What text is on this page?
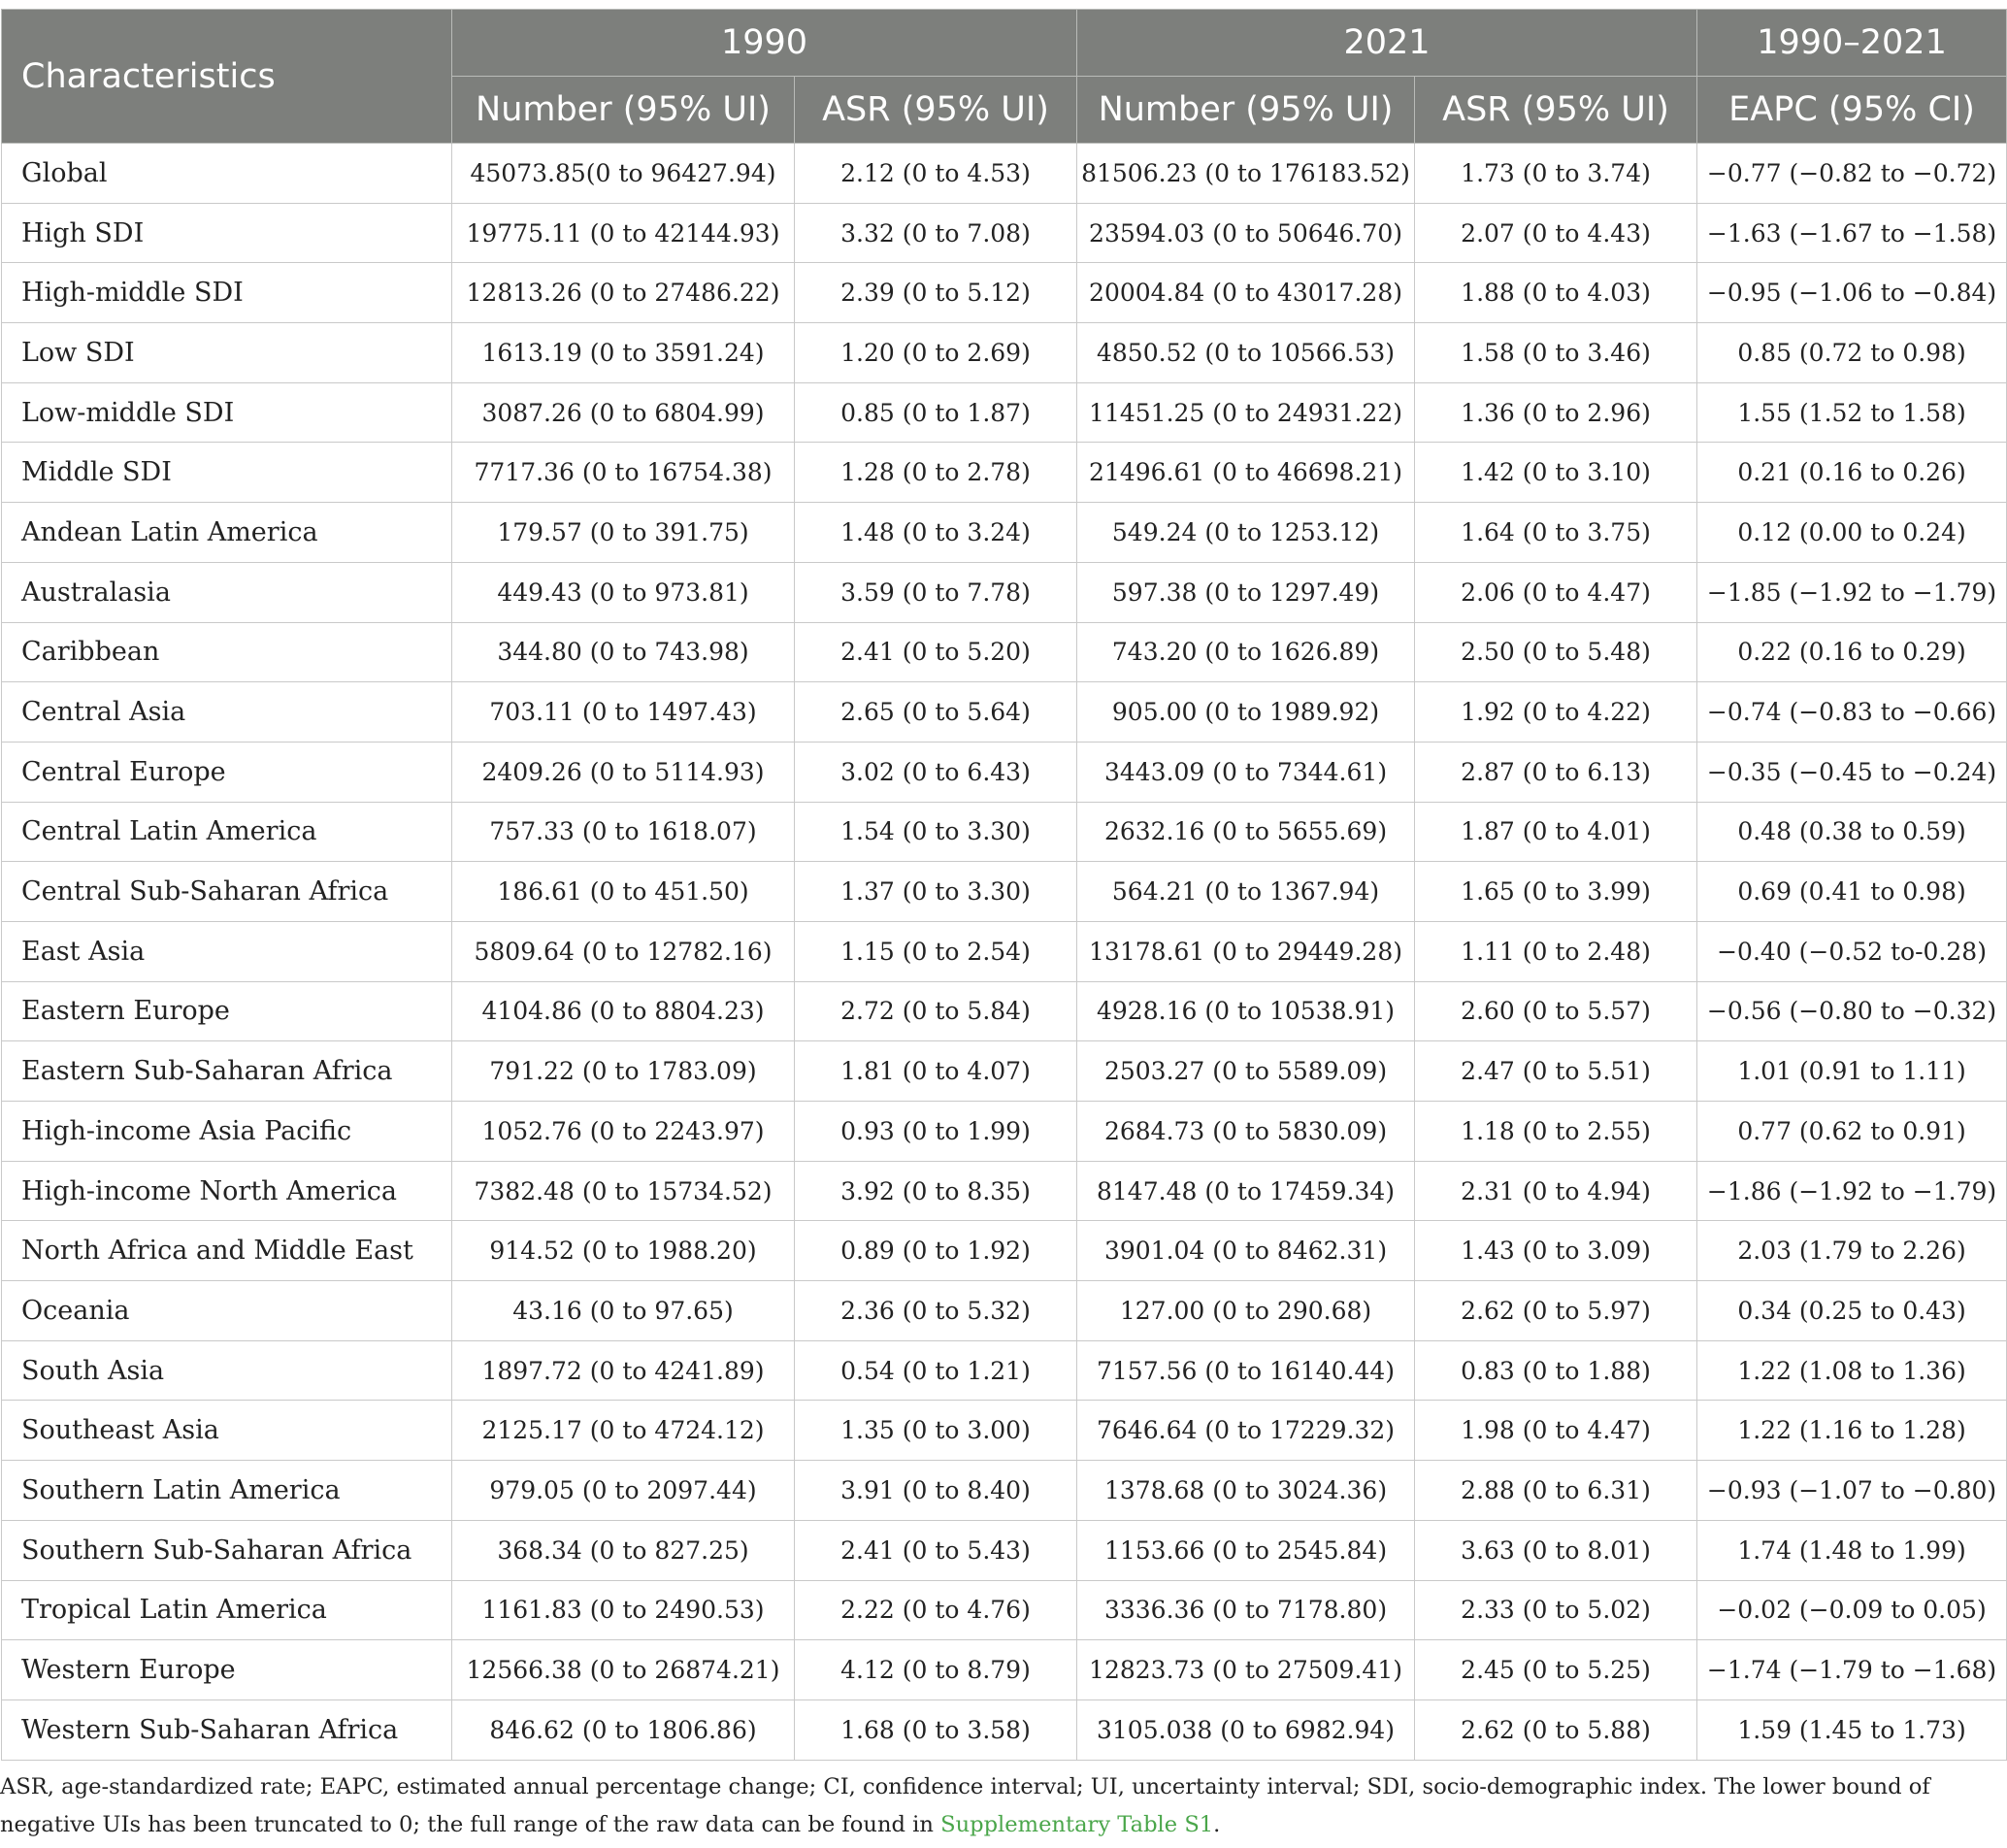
Characteristics	1990		2021		1990–2021
	Number (95% UI)	ASR (95% UI)	Number (95% UI)	ASR (95% UI)	EAPC (95% CI)
Global	45073.85(0 to 96427.94)	2.12 (0 to 4.53)	81506.23 (0 to 176183.52)	1.73 (0 to 3.74)	−0.77 (−0.82 to −0.72)
High SDI	19775.11 (0 to 42144.93)	3.32 (0 to 7.08)	23594.03 (0 to 50646.70)	2.07 (0 to 4.43)	−1.63 (−1.67 to −1.58)
High-middle SDI	12813.26 (0 to 27486.22)	2.39 (0 to 5.12)	20004.84 (0 to 43017.28)	1.88 (0 to 4.03)	−0.95 (−1.06 to −0.84)
Low SDI	1613.19 (0 to 3591.24)	1.20 (0 to 2.69)	4850.52 (0 to 10566.53)	1.58 (0 to 3.46)	0.85 (0.72 to 0.98)
Low-middle SDI	3087.26 (0 to 6804.99)	0.85 (0 to 1.87)	11451.25 (0 to 24931.22)	1.36 (0 to 2.96)	1.55 (1.52 to 1.58)
Middle SDI	7717.36 (0 to 16754.38)	1.28 (0 to 2.78)	21496.61 (0 to 46698.21)	1.42 (0 to 3.10)	0.21 (0.16 to 0.26)
Andean Latin America	179.57 (0 to 391.75)	1.48 (0 to 3.24)	549.24 (0 to 1253.12)	1.64 (0 to 3.75)	0.12 (0.00 to 0.24)
Australasia	449.43 (0 to 973.81)	3.59 (0 to 7.78)	597.38 (0 to 1297.49)	2.06 (0 to 4.47)	−1.85 (−1.92 to −1.79)
Caribbean	344.80 (0 to 743.98)	2.41 (0 to 5.20)	743.20 (0 to 1626.89)	2.50 (0 to 5.48)	0.22 (0.16 to 0.29)
Central Asia	703.11 (0 to 1497.43)	2.65 (0 to 5.64)	905.00 (0 to 1989.92)	1.92 (0 to 4.22)	−0.74 (−0.83 to −0.66)
Central Europe	2409.26 (0 to 5114.93)	3.02 (0 to 6.43)	3443.09 (0 to 7344.61)	2.87 (0 to 6.13)	−0.35 (−0.45 to −0.24)
Central Latin America	757.33 (0 to 1618.07)	1.54 (0 to 3.30)	2632.16 (0 to 5655.69)	1.87 (0 to 4.01)	0.48 (0.38 to 0.59)
Central Sub-Saharan Africa	186.61 (0 to 451.50)	1.37 (0 to 3.30)	564.21 (0 to 1367.94)	1.65 (0 to 3.99)	0.69 (0.41 to 0.98)
East Asia	5809.64 (0 to 12782.16)	1.15 (0 to 2.54)	13178.61 (0 to 29449.28)	1.11 (0 to 2.48)	−0.40 (−0.52 to-0.28)
Eastern Europe	4104.86 (0 to 8804.23)	2.72 (0 to 5.84)	4928.16 (0 to 10538.91)	2.60 (0 to 5.57)	−0.56 (−0.80 to −0.32)
Eastern Sub-Saharan Africa	791.22 (0 to 1783.09)	1.81 (0 to 4.07)	2503.27 (0 to 5589.09)	2.47 (0 to 5.51)	1.01 (0.91 to 1.11)
High-income Asia Pacific	1052.76 (0 to 2243.97)	0.93 (0 to 1.99)	2684.73 (0 to 5830.09)	1.18 (0 to 2.55)	0.77 (0.62 to 0.91)
High-income North America	7382.48 (0 to 15734.52)	3.92 (0 to 8.35)	8147.48 (0 to 17459.34)	2.31 (0 to 4.94)	−1.86 (−1.92 to −1.79)
North Africa and Middle East	914.52 (0 to 1988.20)	0.89 (0 to 1.92)	3901.04 (0 to 8462.31)	1.43 (0 to 3.09)	2.03 (1.79 to 2.26)
Oceania	43.16 (0 to 97.65)	2.36 (0 to 5.32)	127.00 (0 to 290.68)	2.62 (0 to 5.97)	0.34 (0.25 to 0.43)
South Asia	1897.72 (0 to 4241.89)	0.54 (0 to 1.21)	7157.56 (0 to 16140.44)	0.83 (0 to 1.88)	1.22 (1.08 to 1.36)
Southeast Asia	2125.17 (0 to 4724.12)	1.35 (0 to 3.00)	7646.64 (0 to 17229.32)	1.98 (0 to 4.47)	1.22 (1.16 to 1.28)
Southern Latin America	979.05 (0 to 2097.44)	3.91 (0 to 8.40)	1378.68 (0 to 3024.36)	2.88 (0 to 6.31)	−0.93 (−1.07 to −0.80)
Southern Sub-Saharan Africa	368.34 (0 to 827.25)	2.41 (0 to 5.43)	1153.66 (0 to 2545.84)	3.63 (0 to 8.01)	1.74 (1.48 to 1.99)
Tropical Latin America	1161.83 (0 to 2490.53)	2.22 (0 to 4.76)	3336.36 (0 to 7178.80)	2.33 (0 to 5.02)	−0.02 (−0.09 to 0.05)
Western Europe	12566.38 (0 to 26874.21)	4.12 (0 to 8.79)	12823.73 (0 to 27509.41)	2.45 (0 to 5.25)	−1.74 (−1.79 to −1.68)
Western Sub-Saharan Africa	846.62 (0 to 1806.86)	1.68 (0 to 3.58)	3105.038 (0 to 6982.94)	2.62 (0 to 5.88)	1.59 (1.45 to 1.73)
ASR, age-standardized rate; EAPC, estimated annual percentage change; CI, confidence interval; UI, uncertainty interval; SDI, socio-demographic index. The lower bound of negative UIs has been truncated to 0; the full range of the raw data can be found in Supplementary Table S1.
